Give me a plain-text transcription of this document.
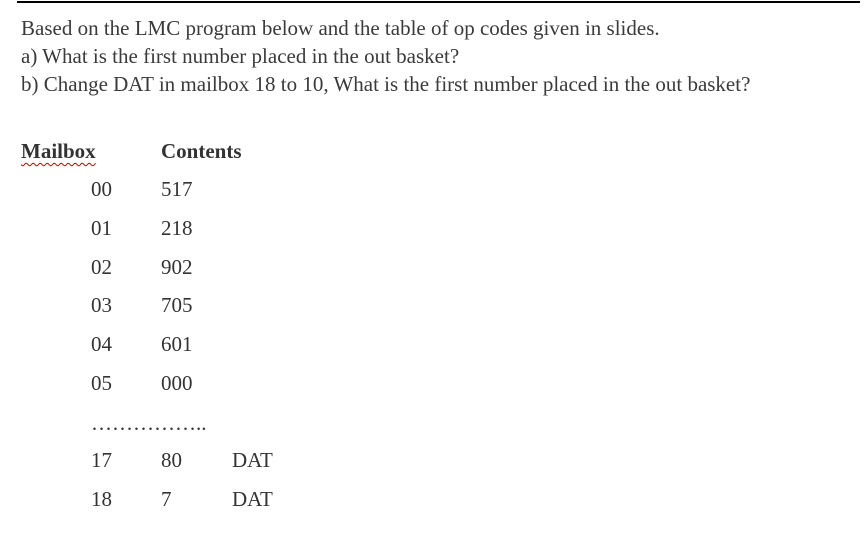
Based on the LMC program below and the table of op codes given in slides.
a) What is the first number placed in the out basket?
b) Change DAT in mailbox 18 to 10, What is the first number placed in the out basket?
Mailbox	Contents
00 517
01 218
02 902
03 705
04 601
05 000
……………..
17 80 DAT
18 7	DAT
